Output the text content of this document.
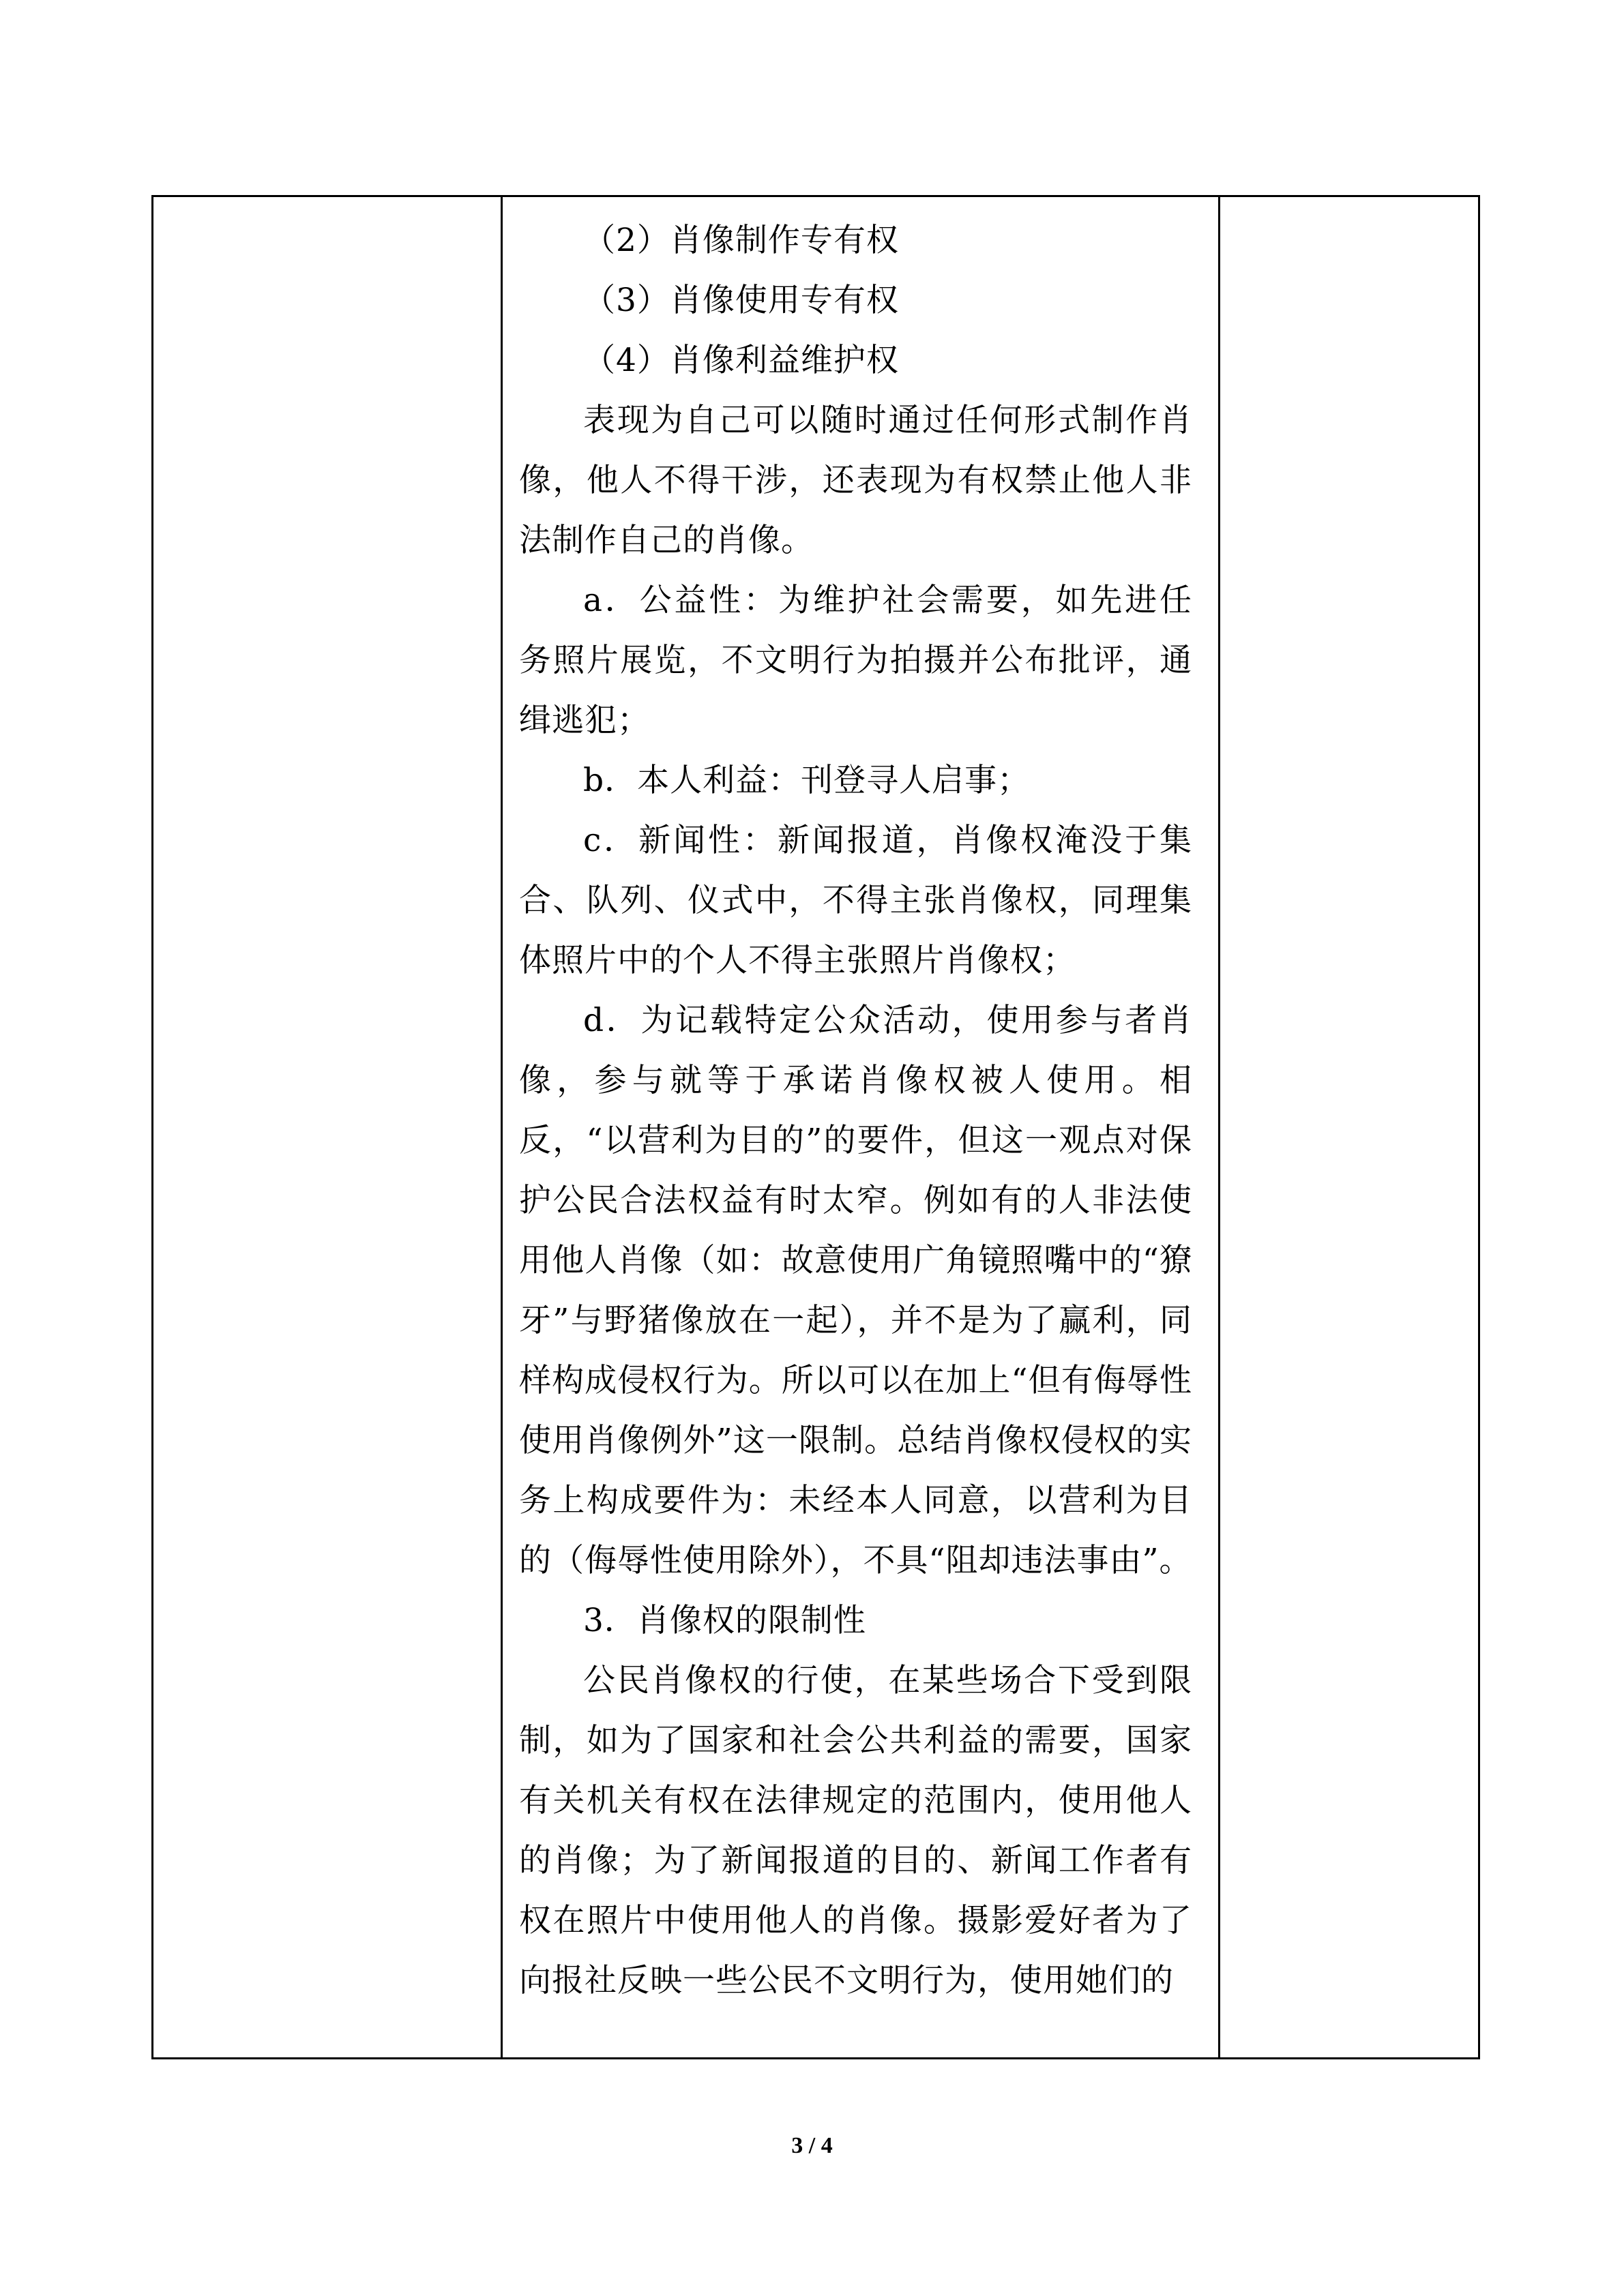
（2）肖像制作专有权

（3）肖像使用专有权

（4）肖像利益维护权

表现为自己可以随时通过任何形式制作肖像，他人不得干涉，还表现为有权禁止他人非法制作自己的肖像。

a．公益性：为维护社会需要，如先进任务照片展览，不文明行为拍摄并公布批评，通缉逃犯；

b．本人利益：刊登寻人启事；

c．新闻性：新闻报道，肖像权淹没于集合、队列、仪式中，不得主张肖像权，同理集体照片中的个人不得主张照片肖像权；

d．为记载特定公众活动，使用参与者肖像，参与就等于承诺肖像权被人使用。相反，“以营利为目的”的要件，但这一观点对保护公民合法权益有时太窄。例如有的人非法使用他人肖像（如：故意使用广角镜照嘴中的“獠牙”与野猪像放在一起），并不是为了赢利，同样构成侵权行为。所以可以在加上“但有侮辱性使用肖像例外”这一限制。总结肖像权侵权的实务上构成要件为：未经本人同意，以营利为目的（侮辱性使用除外），不具“阻却违法事由”。

3．肖像权的限制性

公民肖像权的行使，在某些场合下受到限制，如为了国家和社会公共利益的需要，国家有关机关有权在法律规定的范围内，使用他人的肖像；为了新闻报道的目的、新闻工作者有权在照片中使用他人的肖像。摄影爱好者为了向报社反映一些公民不文明行为，使用她们的

3 / 4
